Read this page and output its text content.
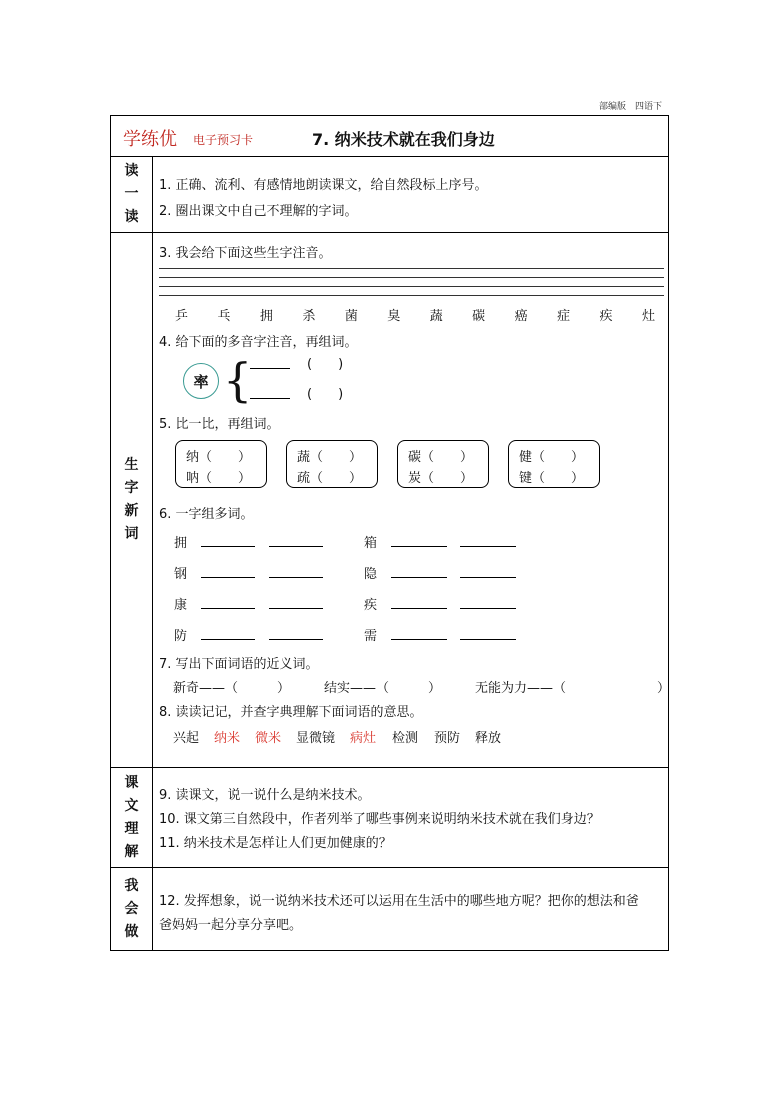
部编版　四语下
学练优 电子预习卡	7. 纳米技术就在我们身边
读
一
读
1. 正确、流利、有感情地朗读课文，给自然段标上序号。
2. 圈出课文中自己不理解的字词。
生
字
新
词
3. 我会给下面这些生字注音。
乒 乓 拥 杀 菌 臭 蔬 碳 癌 症 疾 灶
4. 给下面的多音字注音，再组词。
率 {	(　　)
(　　)
5. 比一比，再组词。
纳（　　）
呐（　　）
蔬（　　）
疏（　　）
碳（　　）
炭（　　）
健（　　）
键（　　）
6. 一字组多词。
拥	箱
钢	隐
康	疾
防	需
7. 写出下面词语的近义词。
新奇——（　　　）	结实——（　　　）	无能为力——（　　　　　　　）
8. 读读记记，并查字典理解下面词语的意思。
兴起 纳米 微米 显微镜 病灶 检测 预防 释放
课
文
理
解
9. 读课文，说一说什么是纳米技术。
10. 课文第三自然段中，作者列举了哪些事例来说明纳米技术就在我们身边？
11. 纳米技术是怎样让人们更加健康的？
我
会
做
12. 发挥想象，说一说纳米技术还可以运用在生活中的哪些地方呢？把你的想法和爸
爸妈妈一起分享分享吧。
